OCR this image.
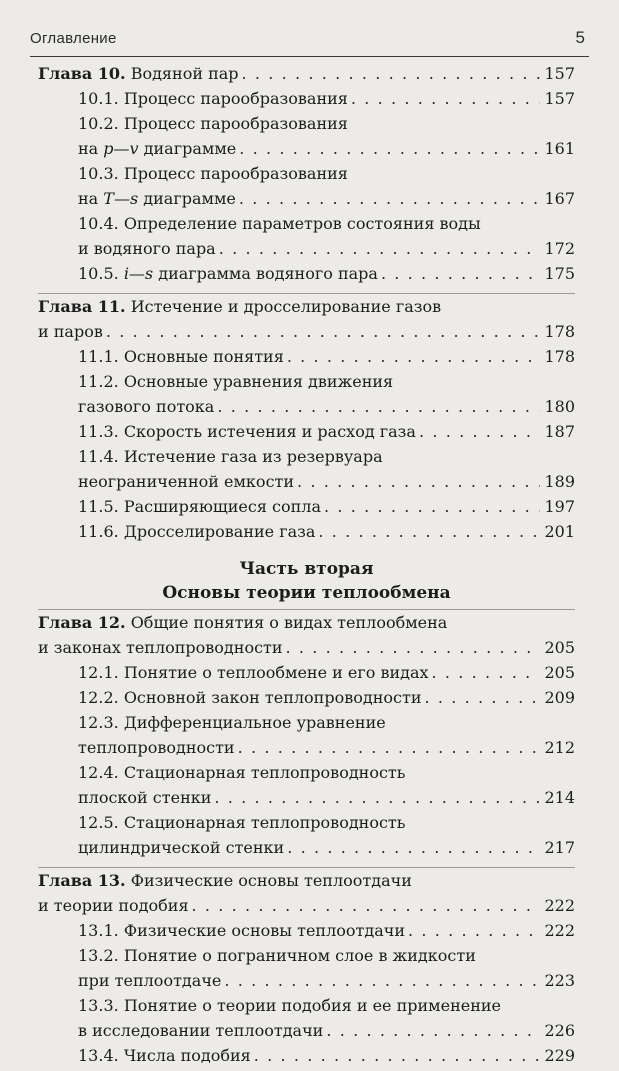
Оглавление	5
Глава 10. Водяной пар . . .	157
10.1. Процесс парообразования . . .	157
10.2. Процесс парообразования
на p—v диаграмме . . .	161
10.3. Процесс парообразования
на T—s диаграмме . . .	167
10.4. Определение параметров состояния воды
и водяного пара . . .	172
10.5. i—s диаграмма водяного пара . . .	175
Глава 11. Истечение и дросселирование газов
и паров . . .	178
11.1. Основные понятия . . .	178
11.2. Основные уравнения движения
газового потока . . .	180
11.3. Скорость истечения и расход газа . . .	187
11.4. Истечение газа из резервуара
неограниченной емкости . . .	189
11.5. Расширяющиеся сопла . . .	197
11.6. Дросселирование газа . . .	201
Часть вторая
Основы теории теплообмена
Глава 12. Общие понятия о видах теплообмена
и законах теплопроводности . . .	205
12.1. Понятие о теплообмене и его видах . . .	205
12.2. Основной закон теплопроводности . . .	209
12.3. Дифференциальное уравнение
теплопроводности . . .	212
12.4. Стационарная теплопроводность
плоской стенки . . .	214
12.5. Стационарная теплопроводность
цилиндрической стенки . . .	217
Глава 13. Физические основы теплоотдачи
и теории подобия . . .	222
13.1. Физические основы теплоотдачи . . .	222
13.2. Понятие о пограничном слое в жидкости
при теплоотдаче . . .	223
13.3. Понятие о теории подобия и ее применение
в исследовании теплоотдачи . . .	226
13.4. Числа подобия . . .	229
